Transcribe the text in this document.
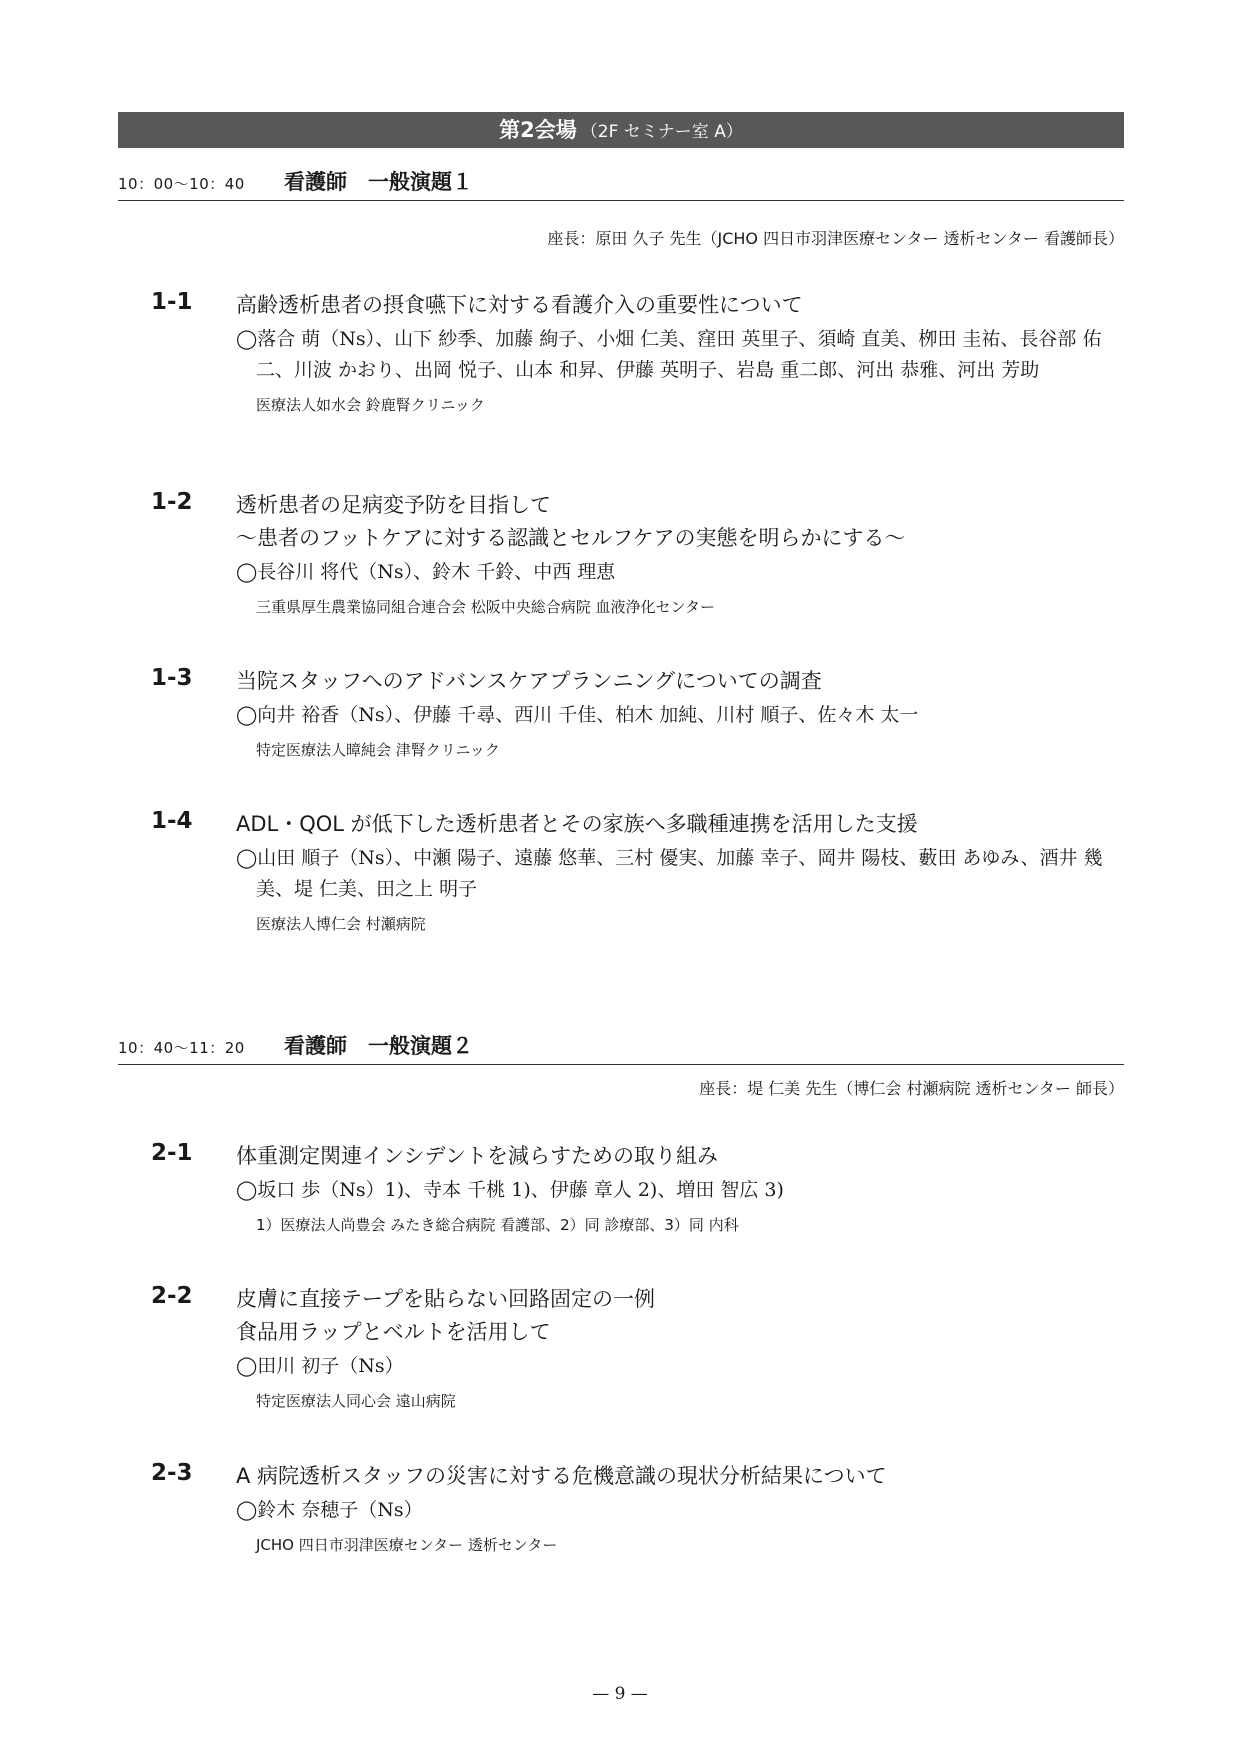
第2会場 （2F セミナー室 A）
10：00〜10：40 看護師　一般演題１
座長：原田 久子 先生（JCHO 四日市羽津医療センター 透析センター 看護師長）
1-1 高齢透析患者の摂食嚥下に対する看護介入の重要性について
◯落合 萌（Ns）、山下 紗季、加藤 絢子、小畑 仁美、窪田 英里子、須崎 直美、栁田 圭祐、長谷部 佑二、川波 かおり、出岡 悦子、山本 和昇、伊藤 英明子、岩島 重二郎、河出 恭雅、河出 芳助
医療法人如水会 鈴鹿腎クリニック
1-2 透析患者の足病変予防を目指して
〜患者のフットケアに対する認識とセルフケアの実態を明らかにする〜
◯長谷川 将代（Ns）、鈴木 千鈴、中西 理恵
三重県厚生農業協同組合連合会 松阪中央総合病院 血液浄化センター
1-3 当院スタッフへのアドバンスケアプランニングについての調査
◯向井 裕香（Ns）、伊藤 千尋、西川 千佳、柏木 加純、川村 順子、佐々木 太一
特定医療法人暲純会 津腎クリニック
1-4 ADL・QOL が低下した透析患者とその家族へ多職種連携を活用した支援
◯山田 順子（Ns）、中瀬 陽子、遠藤 悠華、三村 優実、加藤 幸子、岡井 陽枝、藪田 あゆみ、酒井 幾美、堤 仁美、田之上 明子
医療法人博仁会 村瀬病院
10：40〜11：20 看護師　一般演題２
座長：堤 仁美 先生（博仁会 村瀬病院 透析センター 師長）
2-1 体重測定関連インシデントを減らすための取り組み
◯坂口 歩（Ns）1)、寺本 千桃 1)、伊藤 章人 2)、増田 智広 3)
1）医療法人尚豊会 みたき総合病院 看護部、2）同 診療部、3）同 内科
2-2 皮膚に直接テープを貼らない回路固定の一例
食品用ラップとベルトを活用して
◯田川 初子（Ns）
特定医療法人同心会 遠山病院
2-3 A 病院透析スタッフの災害に対する危機意識の現状分析結果について
◯鈴木 奈穂子（Ns）
JCHO 四日市羽津医療センター 透析センター
— 9 —
